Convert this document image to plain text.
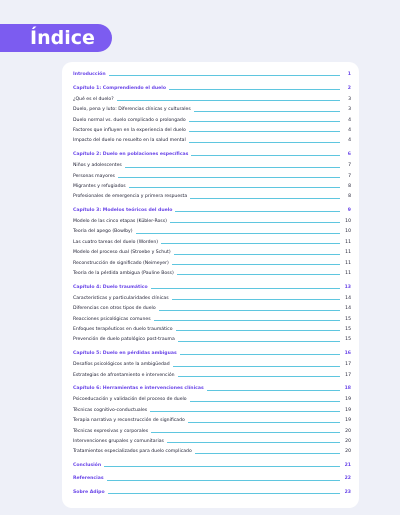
Índice
Introducción	1
Capítulo 1: Comprendiendo el duelo	2
¿Qué es el duelo?	3
Duelo, pena y luto: Diferencias clínicas y culturales	3
Duelo normal vs. duelo complicado o prolongado	4
Factores que influyen en la experiencia del duelo	4
Impacto del duelo no resuelto en la salud mental	4
Capítulo 2: Duelo en poblaciones específicas	6
Niños y adolescentes	7
Personas mayores	7
Migrantes y refugiados	8
Profesionales de emergencia y primera respuesta	8
Capítulo 3: Modelos teóricos del duelo	9
Modelo de las cinco etapas (Kübler-Ross)	10
Teoría del apego (Bowlby)	10
Las cuatro tareas del duelo (Worden)	11
Modelo del proceso dual (Stroebe y Schut)	11
Reconstrucción de significado (Neimeyer)	11
Teoría de la pérdida ambigua (Pauline Boss)	11
Capítulo 4: Duelo traumático	13
Características y particularidades clínicas	14
Diferencias con otros tipos de duelo	14
Reacciones psicológicas comunes	15
Enfoques terapéuticos en duelo traumático	15
Prevención de duelo patológico post-trauma	15
Capítulo 5: Duelo en pérdidas ambiguas	16
Desafíos psicológicos ante la ambigüedad	17
Estrategias de afrontamiento e intervención	17
Capítulo 6: Herramientas e intervenciones clínicas	18
Psicoeducación y validación del proceso de duelo	19
Técnicas cognitivo-conductuales	19
Terapia narrativa y reconstrucción de significado	19
Técnicas expresivas y corporales	20
Intervenciones grupales y comunitarias	20
Tratamientos especializados para duelo complicado	20
Conclusión	21
Referencias	22
Sobre Adipo	23
